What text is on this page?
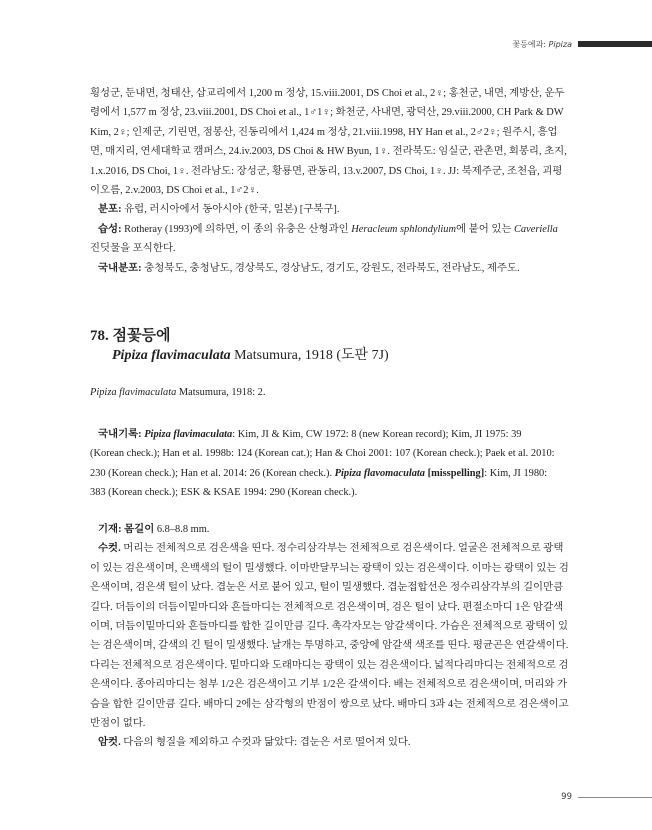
꽃등에과: Pipiza

횡성군, 둔내면, 청태산, 삽교리에서 1,200 m 정상, 15.viii.2001, DS Choi et al., 2♀; 홍천군, 내면, 계방산, 운두

령에서 1,577 m 정상, 23.viii.2001, DS Choi et al., 1♂1♀; 화천군, 사내면, 광덕산, 29.viii.2000, CH Park & DW

Kim, 2♀; 인제군, 기린면, 점봉산, 진동리에서 1,424 m 정상, 21.viii.1998, HY Han et al., 2♂2♀; 원주시, 흥업

면, 매지리, 연세대학교 캠퍼스, 24.iv.2003, DS Choi & HW Byun, 1♀. 전라북도: 임실군, 관촌면, 회봉리, 초지,

1.x.2016, DS Choi, 1♀. 전라남도: 장성군, 황룡면, 관동리, 13.v.2007, DS Choi, 1♀. JJ: 북제주군, 조천읍, 괴평

이오름, 2.v.2003, DS Choi et al., 1♂2♀.

분포: 유럽, 러시아에서 동아시아 (한국, 일본) [구북구].

습성: Rotheray (1993)에 의하면, 이 종의 유충은 산형과인 Heracleum sphlondylium에 붙어 있는 Caveriella

진딧물을 포식한다.

국내분포: 충청북도, 충청남도, 경상북도, 경상남도, 경기도, 강원도, 전라북도, 전라남도, 제주도.

78. 점꽃등에
Pipiza flavimaculata Matsumura, 1918 (도판 7J)

Pipiza flavimaculata Matsumura, 1918: 2.

국내기록: Pipiza flavimaculata: Kim, JI & Kim, CW 1972: 8 (new Korean record); Kim, JI 1975: 39

(Korean check.); Han et al. 1998b: 124 (Korean cat.); Han & Choi 2001: 107 (Korean check.); Paek et al. 2010:

230 (Korean check.); Han et al. 2014: 26 (Korean check.). Pipiza flavomaculata [misspelling]: Kim, JI 1980:

383 (Korean check.); ESK & KSAE 1994: 290 (Korean check.).

기재: 몸길이 6.8–8.8 mm.

수컷. 머리는 전체적으로 검은색을 띤다. 정수리삼각부는 전체적으로 검은색이다. 얼굴은 전체적으로 광택

이 있는 검은색이며, 은백색의 털이 밀생했다. 이마반달무늬는 광택이 있는 검은색이다. 이마는 광택이 있는 검

은색이며, 검은색 털이 났다. 겹눈은 서로 붙어 있고, 털이 밀생했다. 겹눈접합선은 정수리삼각부의 길이만큼

길다. 더듬이의 더듬이밑마디와 흔들마디는 전체적으로 검은색이며, 검은 털이 났다. 편절소마디 1은 암갈색

이며, 더듬이밑마디와 흔들마디를 합한 길이만큼 길다. 촉각자모는 암갈색이다. 가슴은 전체적으로 광택이 있

는 검은색이며, 갈색의 긴 털이 밀생했다. 날개는 투명하고, 중앙에 암갈색 색조를 띤다. 평균곤은 연갈색이다.

다리는 전체적으로 검은색이다. 밑마디와 도래마디는 광택이 있는 검은색이다. 넓적다리마디는 전체적으로 검

은색이다. 종아리마디는 첨부 1/2은 검은색이고 기부 1/2은 갈색이다. 배는 전체적으로 검은색이며, 머리와 가

슴을 합한 길이만큼 길다. 배마디 2에는 삼각형의 반점이 쌍으로 났다. 배마디 3과 4는 전체적으로 검은색이고

반점이 없다.

암컷. 다음의 형질을 제외하고 수컷과 닮았다: 겹눈은 서로 떨어져 있다.

99
